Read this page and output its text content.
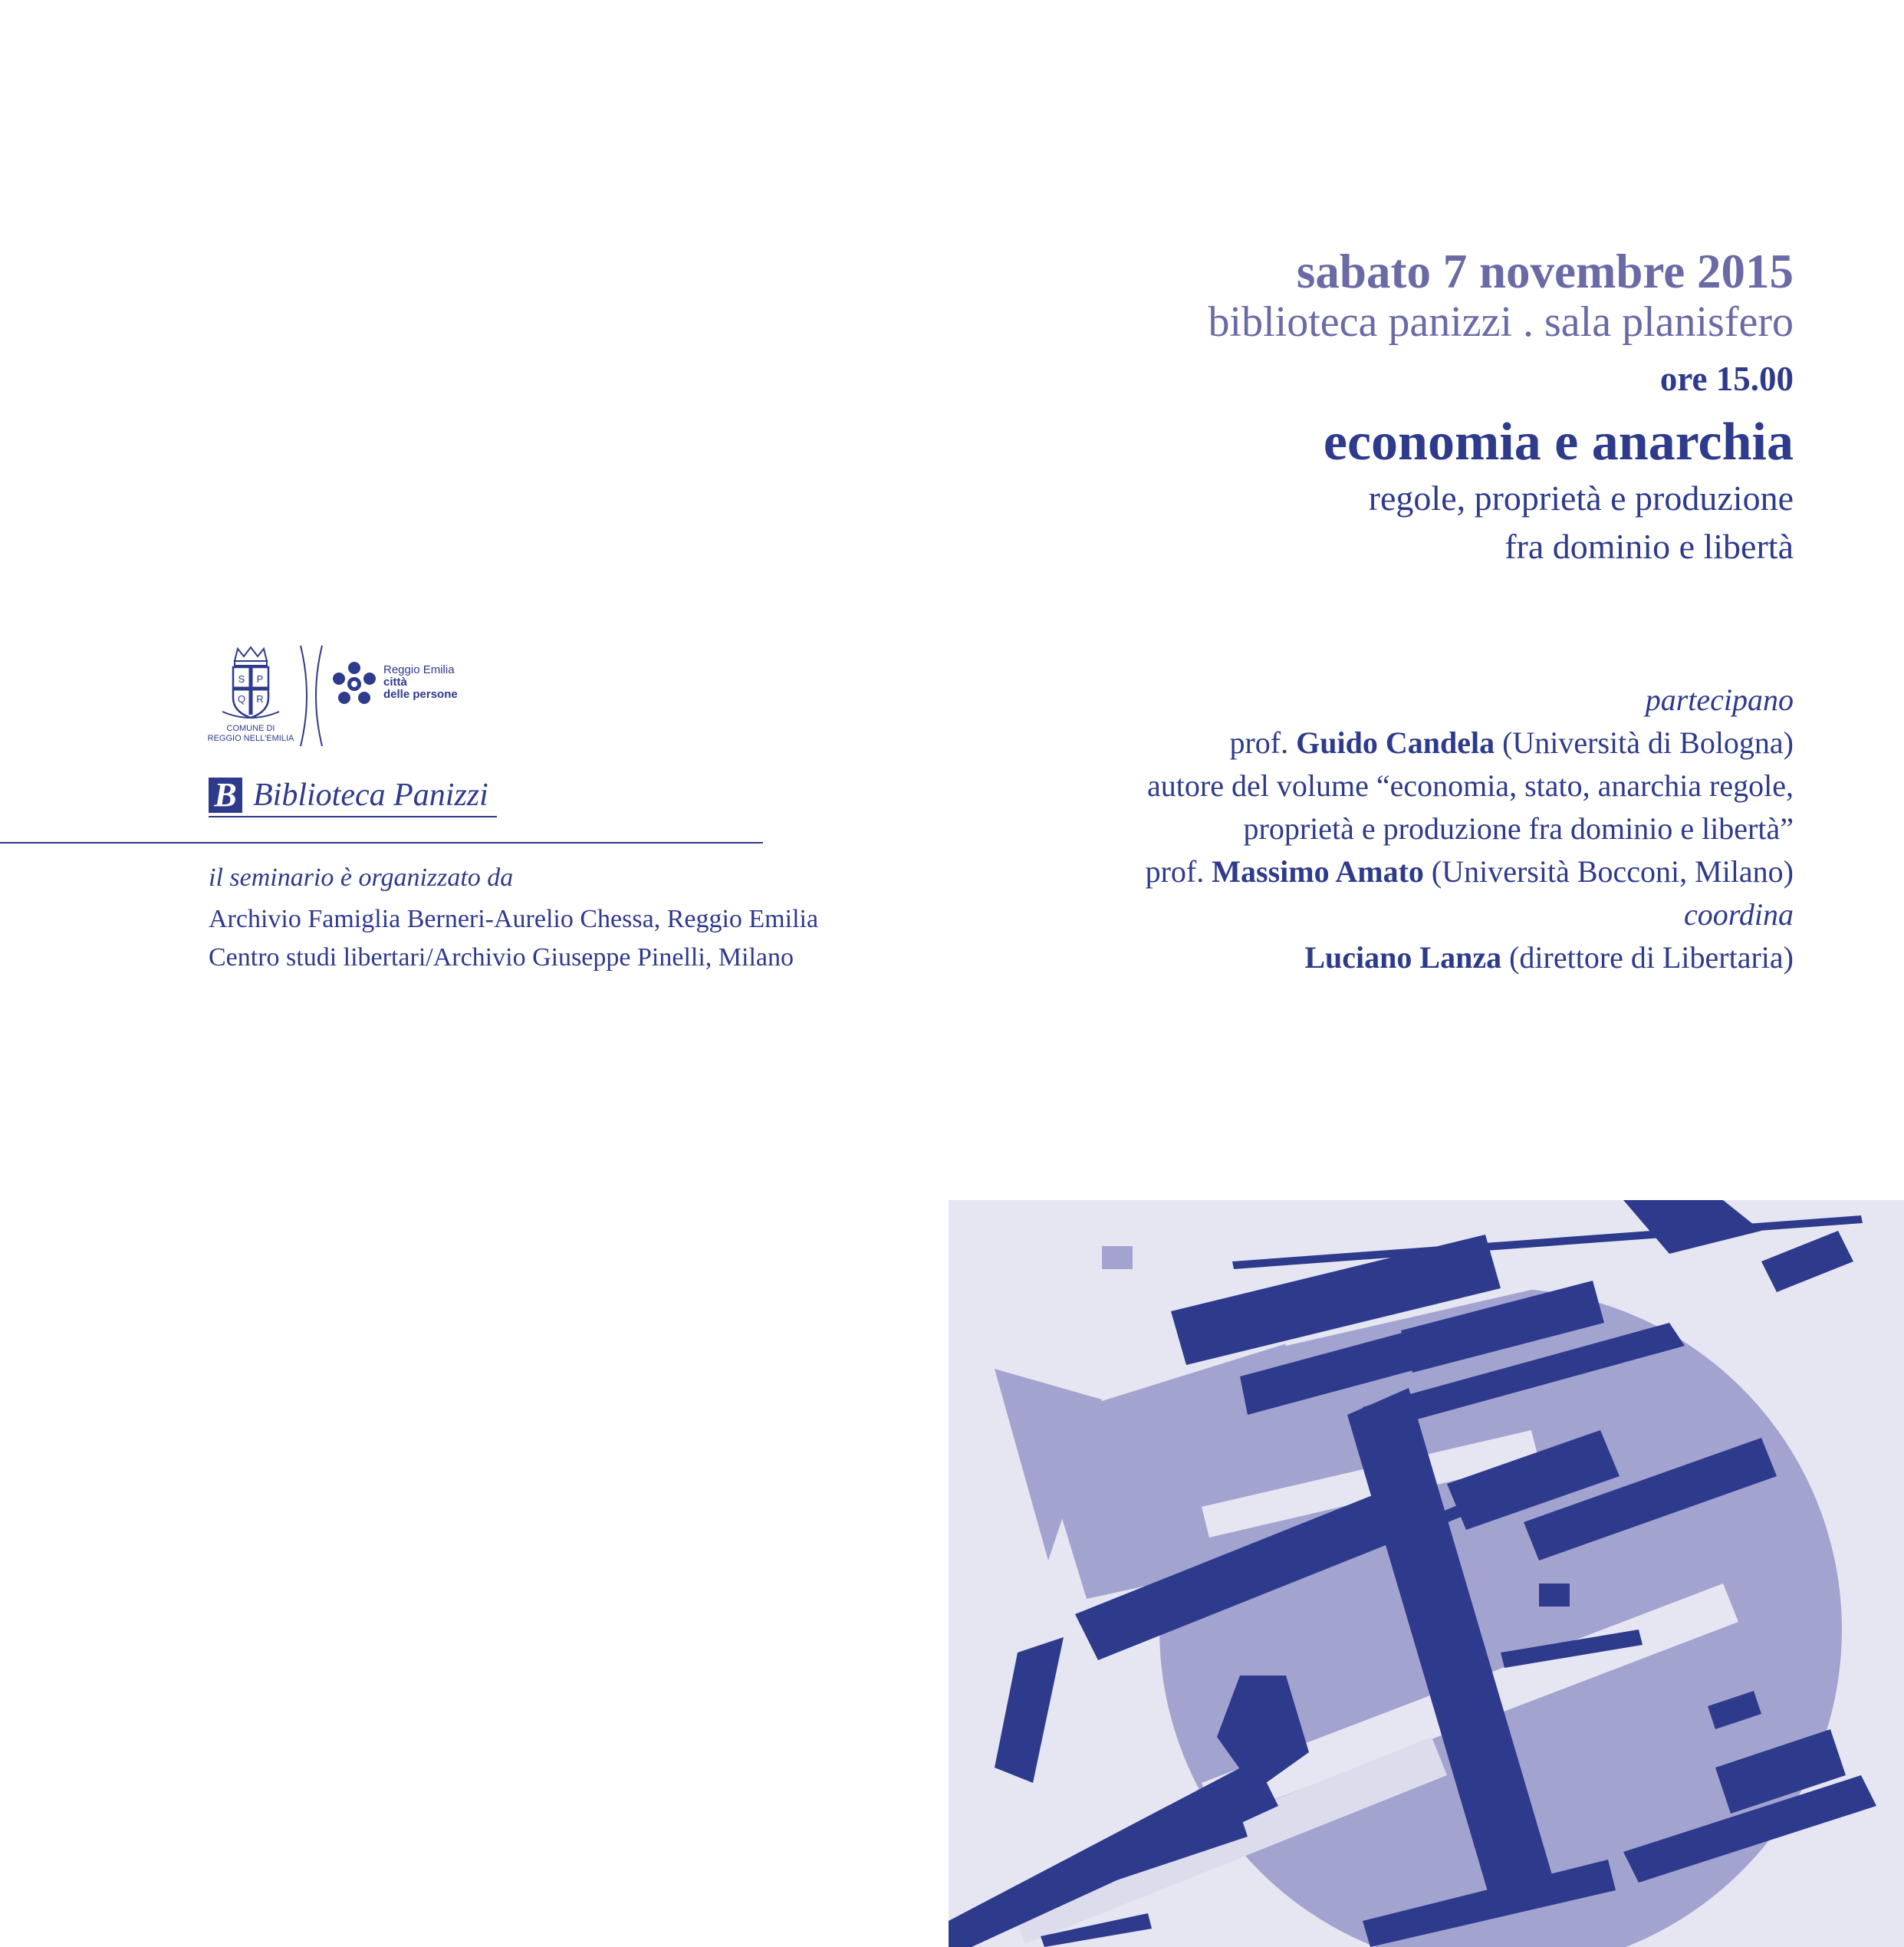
sabato 7 novembre 2015
biblioteca panizzi . sala planisfero
ore 15.00
economia e anarchia
regole, proprietà e produzione
fra dominio e libertà
partecipano
prof. Guido Candela (Università di Bologna)
autore del volume “economia, stato, anarchia regole,
proprietà e produzione fra dominio e libertà”
prof. Massimo Amato (Università Bocconi, Milano)
coordina
Luciano Lanza (direttore di Libertaria)
S P
Q R
COMUNE DI
REGGIO NELL'EMILIA
Reggio Emilia
città
delle persone
B Biblioteca Panizzi
il seminario è organizzato da
Archivio Famiglia Berneri-Aurelio Chessa, Reggio Emilia
Centro studi libertari/Archivio Giuseppe Pinelli, Milano
